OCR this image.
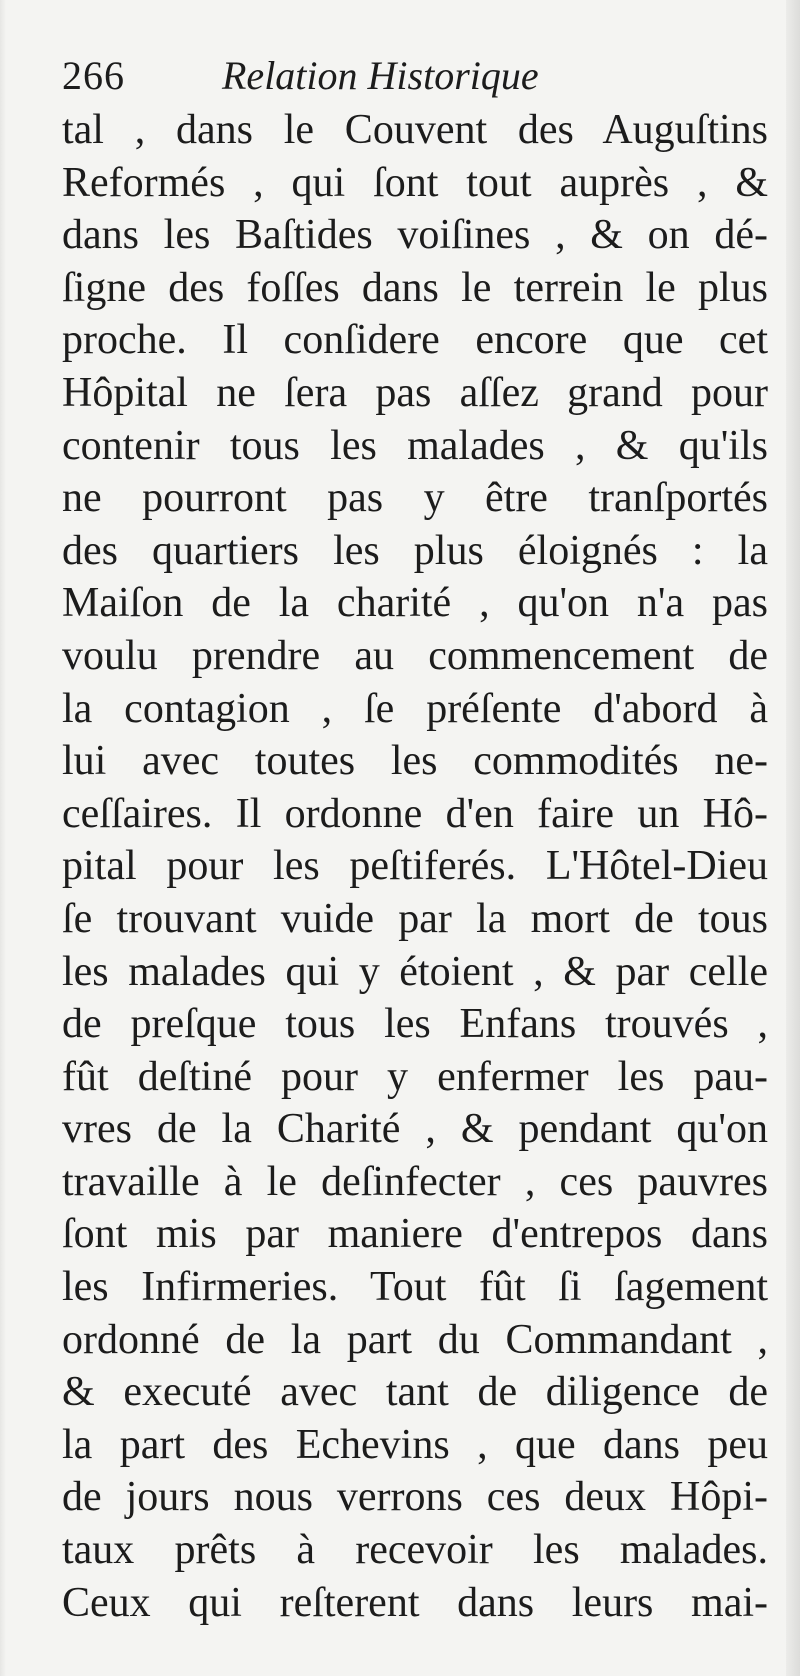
266	Relation Historique
tal , dans le Couvent des Auguſtins
Reformés , qui ſont tout auprès , &
dans les Baſtides voiſines , & on dé-
ſigne des foſſes dans le terrein le plus
proche. Il conſidere encore que cet
Hôpital ne ſera pas aſſez grand pour
contenir tous les malades , & qu'ils
ne pourront pas y être tranſportés
des quartiers les plus éloignés : la
Maiſon de la charité , qu'on n'a pas
voulu prendre au commencement de
la contagion , ſe préſente d'abord à
lui avec toutes les commodités ne-
ceſſaires. Il ordonne d'en faire un Hô-
pital pour les peſtiferés. L'Hôtel-Dieu
ſe trouvant vuide par la mort de tous
les malades qui y étoient , & par celle
de preſque tous les Enfans trouvés ,
fût deſtiné pour y enfermer les pau-
vres de la Charité , & pendant qu'on
travaille à le deſinfecter , ces pauvres
ſont mis par maniere d'entrepos dans
les Infirmeries. Tout fût ſi ſagement
ordonné de la part du Commandant ,
& executé avec tant de diligence de
la part des Echevins , que dans peu
de jours nous verrons ces deux Hôpi-
taux prêts à recevoir les malades.
Ceux qui reſterent dans leurs mai-
